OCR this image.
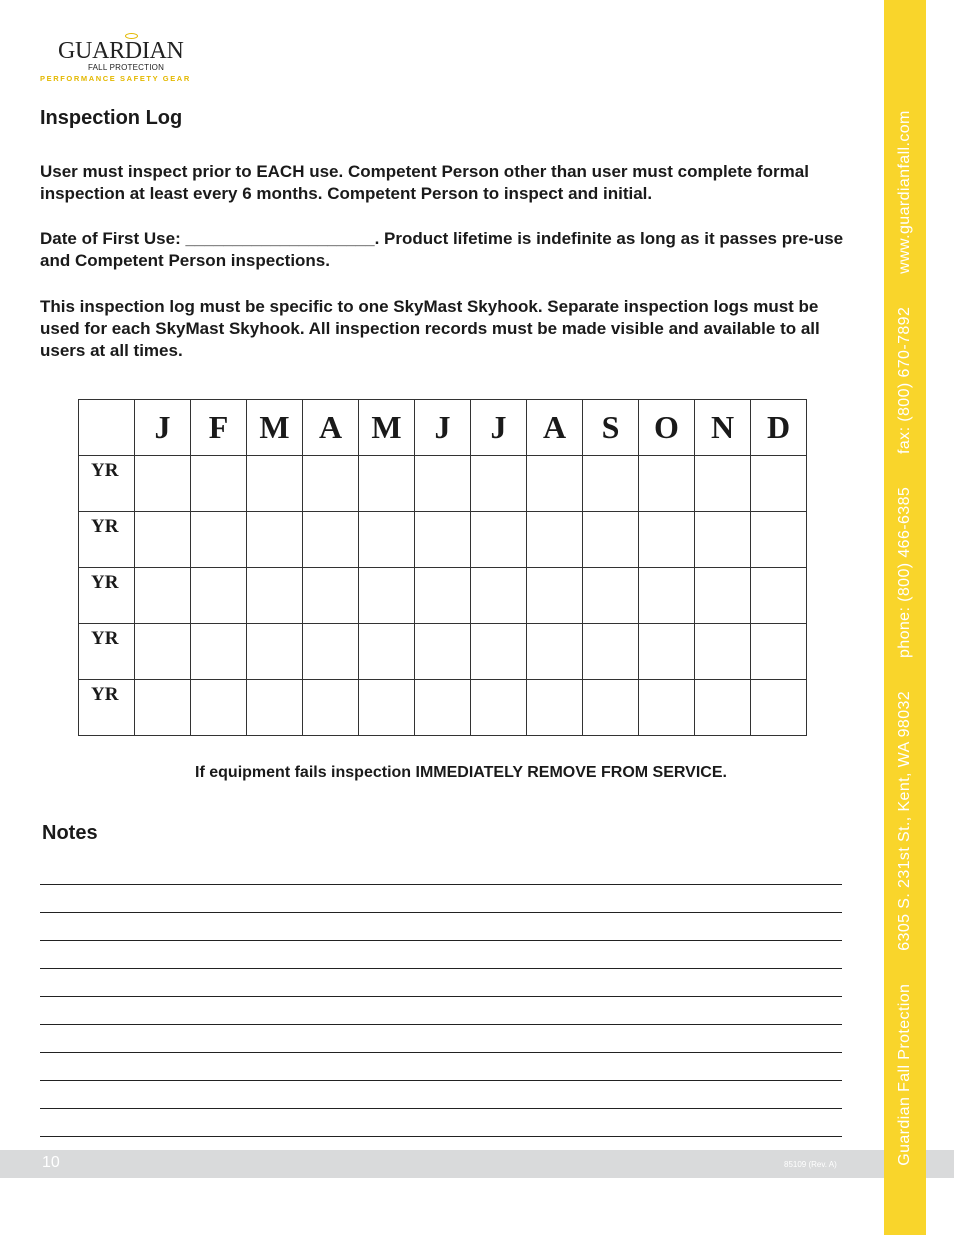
GUARDIAN
FALL PROTECTION
PERFORMANCE SAFETY GEAR
Inspection Log
User must inspect prior to EACH use. Competent Person other than user must complete formal inspection at least every 6 months. Competent Person to inspect and initial.
Date of First Use: ____________________. Product lifetime is indefinite as long as it passes pre-use and Competent Person inspections.
This inspection log must be specific to one SkyMast Skyhook. Separate inspection logs must be used for each SkyMast Skyhook. All inspection records must be made visible and available to all users at all times.
	J	F	M	A	M	J	J	A	S	O	N	D
YR												
YR												
YR												
YR												
YR												
If equipment fails inspection IMMEDIATELY REMOVE FROM SERVICE.
Notes
10	85109 (Rev. A)	Guardian Fall Protection 6305 S. 231st St., Kent, WA 98032 phone: (800) 466-6385 fax: (800) 670-7892 www.guardianfall.com
